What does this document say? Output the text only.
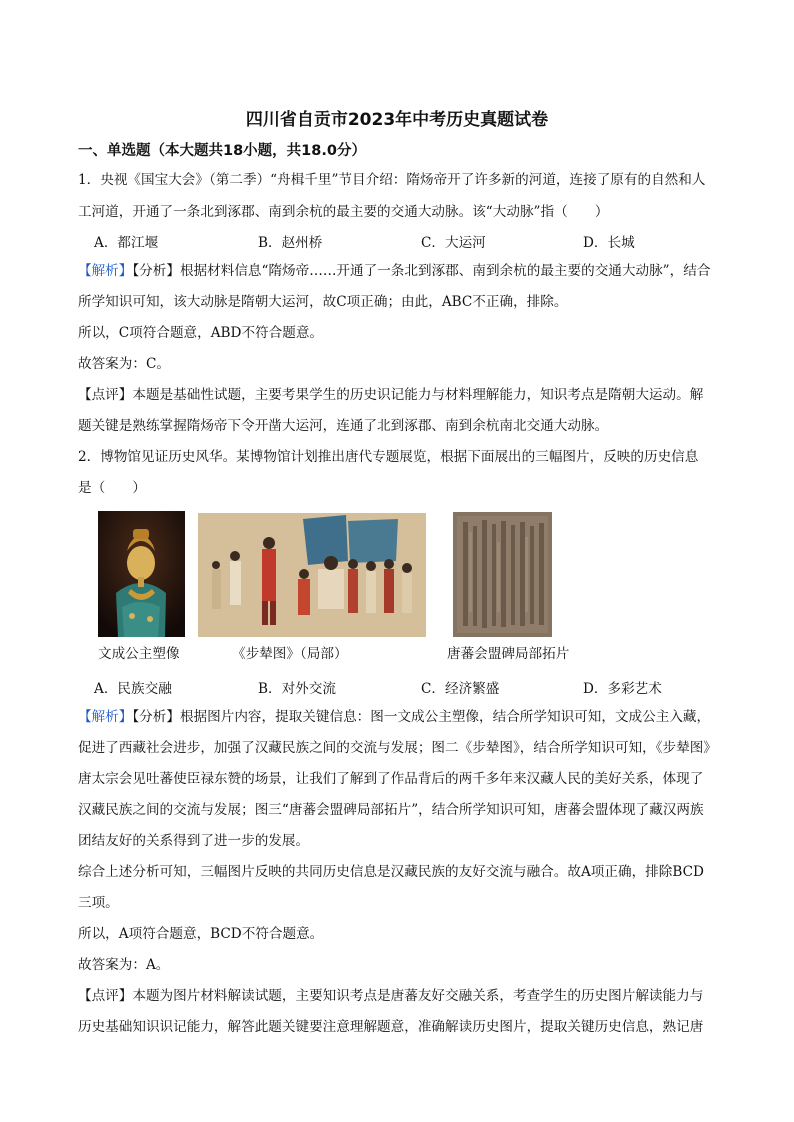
四川省自贡市2023年中考历史真题试卷
一、单选题（本大题共18小题，共18.0分）
1．央视《国宝大会》（第二季）“舟楫千里”节目介绍：隋炀帝开了许多新的河道，连接了原有的自然和人
工河道，开通了一条北到涿郡、南到余杭的最主要的交通大动脉。该“大动脉”指（　　）
A．都江堰	B．赵州桥	C．大运河	D．长城
【解析】【分析】根据材料信息“隋炀帝……开通了一条北到涿郡、南到余杭的最主要的交通大动脉”，结合
所学知识可知，该大动脉是隋朝大运河，故C项正确；由此，ABC不正确，排除。
所以，C项符合题意，ABD不符合题意。
故答案为：C。
【点评】本题是基础性试题，主要考果学生的历史识记能力与材料理解能力，知识考点是隋朝大运动。解
题关键是熟练掌握隋炀帝下令开凿大运河，连通了北到涿郡、南到余杭南北交通大动脉。
2．博物馆见证历史风华。某博物馆计划推出唐代专题展览，根据下面展出的三幅图片，反映的历史信息
是（　　）
文成公主塑像	《步辇图》（局部）	唐蕃会盟碑局部拓片
A．民族交融	B．对外交流	C．经济繁盛	D．多彩艺术
【解析】【分析】根据图片内容，提取关键信息：图一文成公主塑像，结合所学知识可知，文成公主入藏，
促进了西藏社会进步，加强了汉藏民族之间的交流与发展；图二《步辇图》，结合所学知识可知，《步辇图》
唐太宗会见吐蕃使臣禄东赞的场景，让我们了解到了作品背后的两千多年来汉藏人民的美好关系，体现了
汉藏民族之间的交流与发展；图三“唐蕃会盟碑局部拓片”，结合所学知识可知，唐蕃会盟体现了藏汉两族
团结友好的关系得到了进一步的发展。
综合上述分析可知，三幅图片反映的共同历史信息是汉藏民族的友好交流与融合。故A项正确，排除BCD
三项。
所以，A项符合题意，BCD不符合题意。
故答案为：A。
【点评】本题为图片材料解读试题，主要知识考点是唐蕃友好交融关系，考查学生的历史图片解读能力与
历史基础知识识记能力，解答此题关键要注意理解题意，准确解读历史图片，提取关键历史信息，熟记唐
